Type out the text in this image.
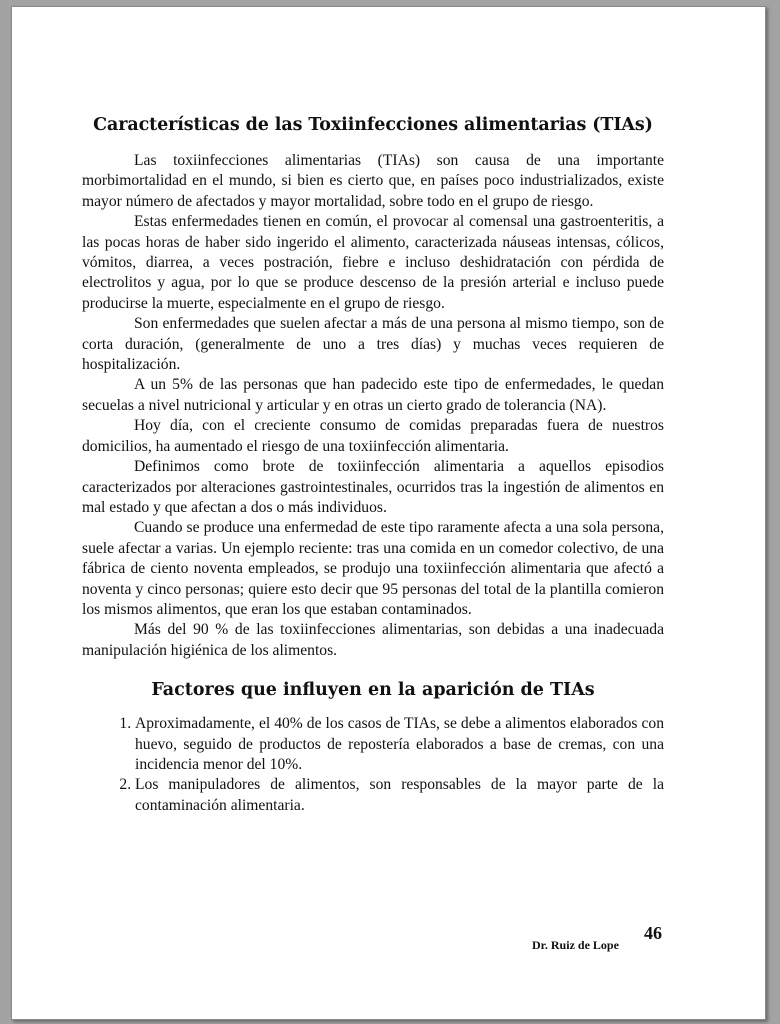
Características de las Toxiinfecciones alimentarias (TIAs)

Las toxiinfecciones alimentarias (TIAs) son causa de una importante morbimortalidad en el mundo, si bien es cierto que, en países poco industrializados, existe mayor número de afectados y mayor mortalidad, sobre todo en el grupo de riesgo.

Estas enfermedades tienen en común, el provocar al comensal una gastroenteritis, a las pocas horas de haber sido ingerido el alimento, caracterizada náuseas intensas, cólicos, vómitos, diarrea, a veces postración, fiebre e incluso deshidratación con pérdida de electrolitos y agua, por lo que se produce descenso de la presión arterial e incluso puede producirse la muerte, especialmente en el grupo de riesgo.

Son enfermedades que suelen afectar a más de una persona al mismo tiempo, son de corta duración, (generalmente de uno a tres días) y muchas veces requieren de hospitalización.

A un 5% de las personas que han padecido este tipo de enfermedades, le quedan secuelas a nivel nutricional y articular y en otras un cierto grado de tolerancia (NA).

Hoy día, con el creciente consumo de comidas preparadas fuera de nuestros domicilios, ha aumentado el riesgo de una toxiinfección alimentaria.

Definimos como brote de toxiinfección alimentaria a aquellos episodios caracterizados por alteraciones gastrointestinales, ocurridos tras la ingestión de alimentos en mal estado y que afectan a dos o más individuos.

Cuando se produce una enfermedad de este tipo raramente afecta a una sola persona, suele afectar a varias. Un ejemplo reciente: tras una comida en un comedor colectivo, de una fábrica de ciento noventa empleados, se produjo una toxiinfección alimentaria que afectó a noventa y cinco personas; quiere esto decir que 95 personas del total de la plantilla comieron los mismos alimentos, que eran los que estaban contaminados.

Más del 90 % de las toxiinfecciones alimentarias, son debidas a una inadecuada manipulación higiénica de los alimentos.

Factores que influyen en la aparición de TIAs
1. Aproximadamente, el 40% de los casos de TIAs, se debe a alimentos elaborados con huevo, seguido de productos de repostería elaborados a base de cremas, con una incidencia menor del 10%.
2. Los manipuladores de alimentos, son responsables de la mayor parte de la contaminación alimentaria.
46
Dr. Ruiz de Lope
